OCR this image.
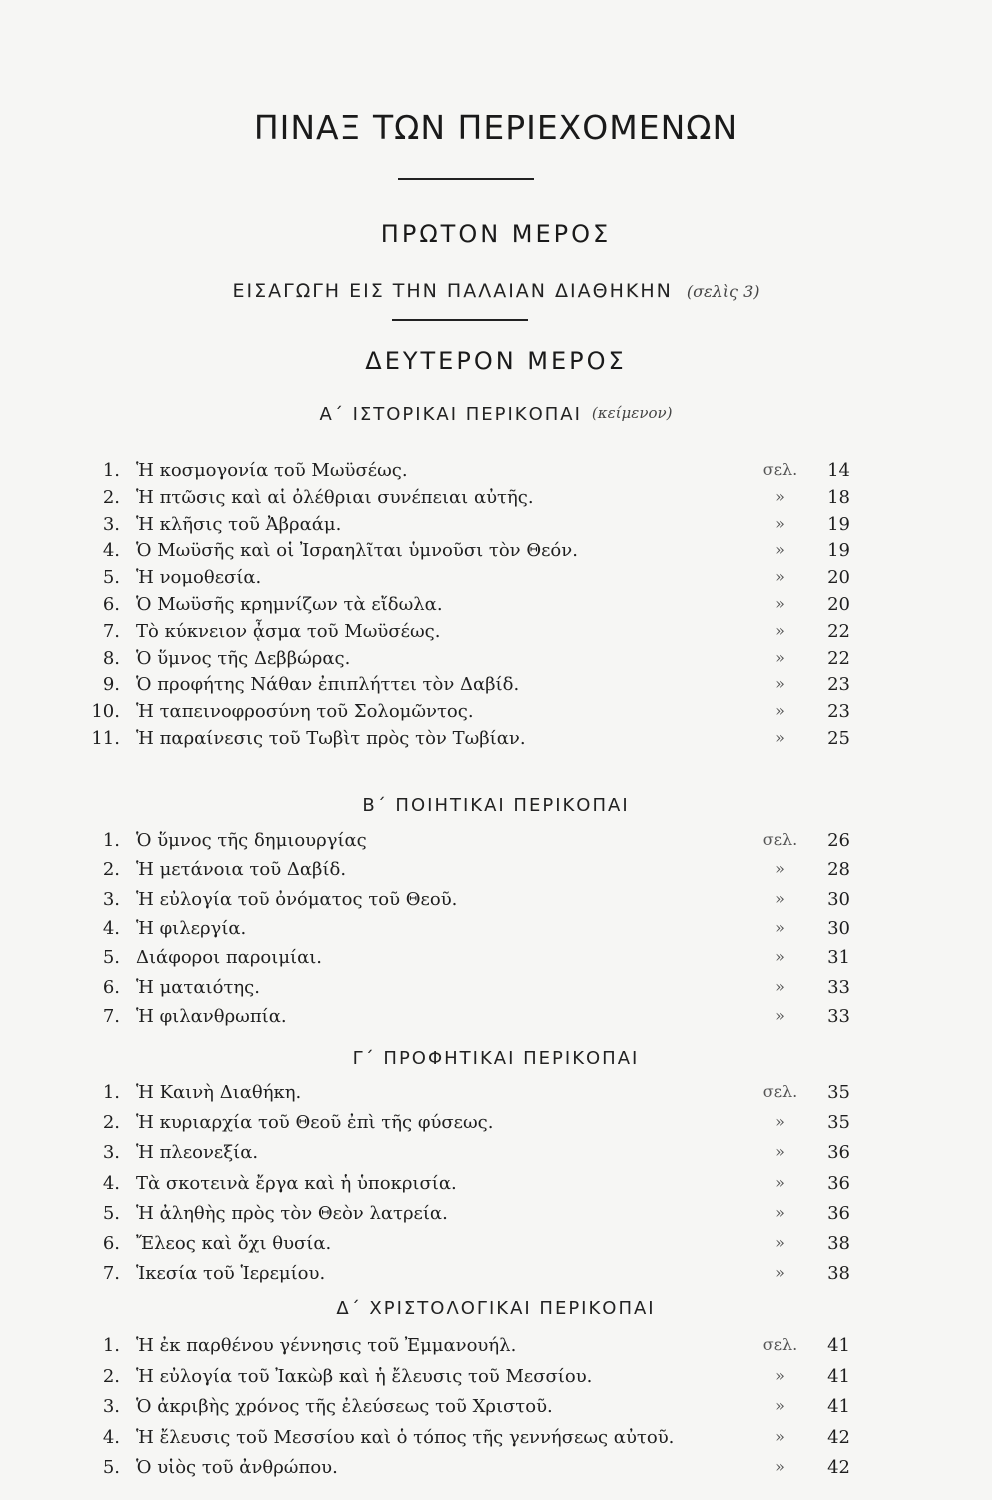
ΠΙΝΑΞ ΤΩΝ ΠΕΡΙΕΧΟΜΕΝΩΝ
ΠΡΩΤΟΝ ΜΕΡΟΣ
ΕΙΣΑΓΩΓΗ ΕΙΣ ΤΗΝ ΠΑΛΑΙΑΝ ΔΙΑΘΗΚΗΝ (σελὶς 3)
ΔΕΥΤΕΡΟΝ ΜΕΡΟΣ
Α΄ ΙΣΤΟΡΙΚΑΙ ΠΕΡΙΚΟΠΑΙ (κείμενον)
1. Ἡ κοσμογονία τοῦ Μωϋσέως.	σελ.	14
2. Ἡ πτῶσις καὶ αἱ ὀλέθριαι συνέπειαι αὐτῆς.	»	18
3. Ἡ κλῆσις τοῦ Ἀβραάμ.	»	19
4. Ὁ Μωϋσῆς καὶ οἱ Ἰσραηλῖται ὑμνοῦσι τὸν Θεόν.	»	19
5. Ἡ νομοθεσία.	»	20
6. Ὁ Μωϋσῆς κρημνίζων τὰ εἴδωλα.	»	20
7. Τὸ κύκνειον ᾆσμα τοῦ Μωϋσέως.	»	22
8. Ὁ ὕμνος τῆς Δεββώρας.	»	22
9. Ὁ προφήτης Νάθαν ἐπιπλήττει τὸν Δαβίδ.	»	23
10. Ἡ ταπεινοφροσύνη τοῦ Σολομῶντος.	»	23
11. Ἡ παραίνεσις τοῦ Τωβὶτ πρὸς τὸν Τωβίαν.	»	25
Β΄ ΠΟΙΗΤΙΚΑΙ ΠΕΡΙΚΟΠΑΙ
1. Ὁ ὕμνος τῆς δημιουργίας	σελ.	26
2. Ἡ μετάνοια τοῦ Δαβίδ.	»	28
3. Ἡ εὐλογία τοῦ ὀνόματος τοῦ Θεοῦ.	»	30
4. Ἡ φιλεργία.	»	30
5. Διάφοροι παροιμίαι.	»	31
6. Ἡ ματαιότης.	»	33
7. Ἡ φιλανθρωπία.	»	33
Γ΄ ΠΡΟΦΗΤΙΚΑΙ ΠΕΡΙΚΟΠΑΙ
1. Ἡ Καινὴ Διαθήκη.	σελ.	35
2. Ἡ κυριαρχία τοῦ Θεοῦ ἐπὶ τῆς φύσεως.	»	35
3. Ἡ πλεονεξία.	»	36
4. Τὰ σκοτεινὰ ἔργα καὶ ἡ ὑποκρισία.	»	36
5. Ἡ ἀληθὴς πρὸς τὸν Θεὸν λατρεία.	»	36
6. Ἔλεος καὶ ὄχι θυσία.	»	38
7. Ἱκεσία τοῦ Ἱερεμίου.	»	38
Δ΄ ΧΡΙΣΤΟΛΟΓΙΚΑΙ ΠΕΡΙΚΟΠΑΙ
1. Ἡ ἐκ παρθένου γέννησις τοῦ Ἐμμανουήλ.	σελ.	41
2. Ἡ εὐλογία τοῦ Ἰακὼβ καὶ ἡ ἔλευσις τοῦ Μεσσίου.	»	41
3. Ὁ ἀκριβὴς χρόνος τῆς ἐλεύσεως τοῦ Χριστοῦ.	»	41
4. Ἡ ἔλευσις τοῦ Μεσσίου καὶ ὁ τόπος τῆς γεννήσεως αὐτοῦ.	»	42
5. Ὁ υἱὸς τοῦ ἀνθρώπου.	»	42
